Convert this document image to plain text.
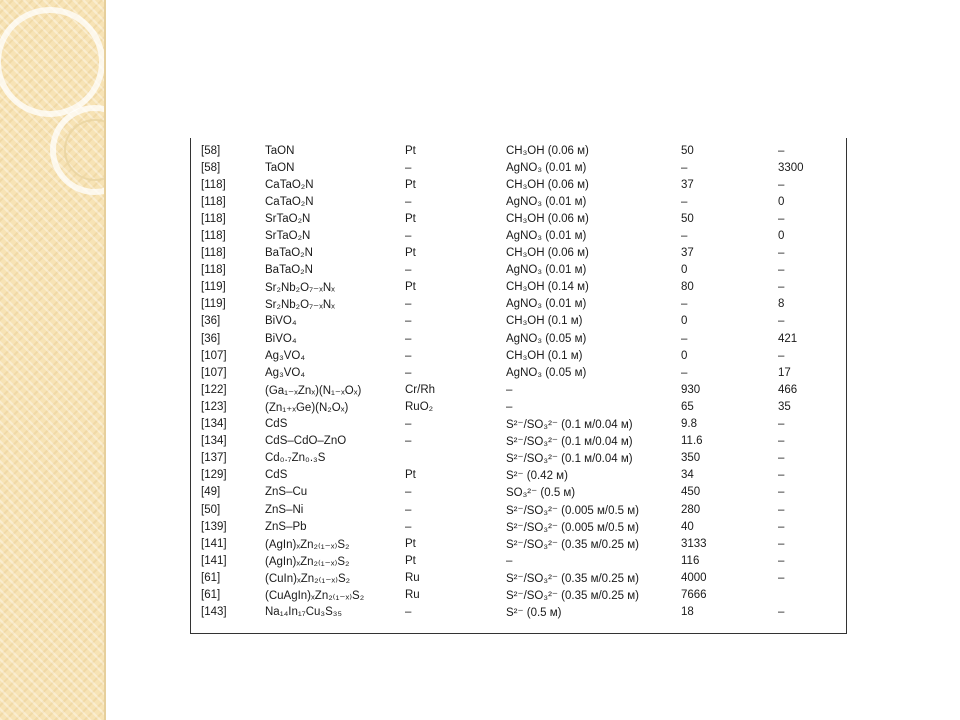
[58]	TaON	Pt	CH₃OH (0.06 м)	50	–
[58]	TaON	–	AgNO₃ (0.01 м)	–	3300
[118]	CaTaO₂N	Pt	CH₃OH (0.06 м)	37	–
[118]	CaTaO₂N	–	AgNO₃ (0.01 м)	–	0
[118]	SrTaO₂N	Pt	CH₃OH (0.06 м)	50	–
[118]	SrTaO₂N	–	AgNO₃ (0.01 м)	–	0
[118]	BaTaO₂N	Pt	CH₃OH (0.06 м)	37	–
[118]	BaTaO₂N	–	AgNO₃ (0.01 м)	0	–
[119]	Sr₂Nb₂O₇₋ₓNₓ	Pt	CH₃OH (0.14 м)	80	–
[119]	Sr₂Nb₂O₇₋ₓNₓ	–	AgNO₃ (0.01 м)	–	8
[36]	BiVO₄	–	CH₃OH (0.1 м)	0	–
[36]	BiVO₄	–	AgNO₃ (0.05 м)	–	421
[107]	Ag₃VO₄	–	CH₃OH (0.1 м)	0	–
[107]	Ag₃VO₄	–	AgNO₃ (0.05 м)	–	17
[122]	(Ga₁₋ₓZnₓ)(N₁₋ₓOₓ)	Cr/Rh	–	930	466
[123]	(Zn₁₊ₓGe)(N₂Oₓ)	RuO₂	–	65	35
[134]	CdS	–	S²⁻/SO₃²⁻ (0.1 м/0.04 м)	9.8	–
[134]	CdS–CdO–ZnO	–	S²⁻/SO₃²⁻ (0.1 м/0.04 м)	11.6	–
[137]	Cd₀.₇Zn₀.₃S		S²⁻/SO₃²⁻ (0.1 м/0.04 м)	350	–
[129]	CdS	Pt	S²⁻ (0.42 м)	34	–
[49]	ZnS–Cu	–	SO₃²⁻ (0.5 м)	450	–
[50]	ZnS–Ni	–	S²⁻/SO₃²⁻ (0.005 м/0.5 м)	280	–
[139]	ZnS–Pb	–	S²⁻/SO₃²⁻ (0.005 м/0.5 м)	40	–
[141]	(AgIn)ₓZn₂₍₁₋ₓ₎S₂	Pt	S²⁻/SO₃²⁻ (0.35 м/0.25 м)	3133	–
[141]	(AgIn)ₓZn₂₍₁₋ₓ₎S₂	Pt	–	116	–
[61]	(CuIn)ₓZn₂₍₁₋ₓ₎S₂	Ru	S²⁻/SO₃²⁻ (0.35 м/0.25 м)	4000	–
[61]	(CuAgIn)ₓZn₂₍₁₋ₓ₎S₂	Ru	S²⁻/SO₃²⁻ (0.35 м/0.25 м)	7666	
[143]	Na₁₄In₁₇Cu₃S₃₅	–	S²⁻ (0.5 м)	18	–
